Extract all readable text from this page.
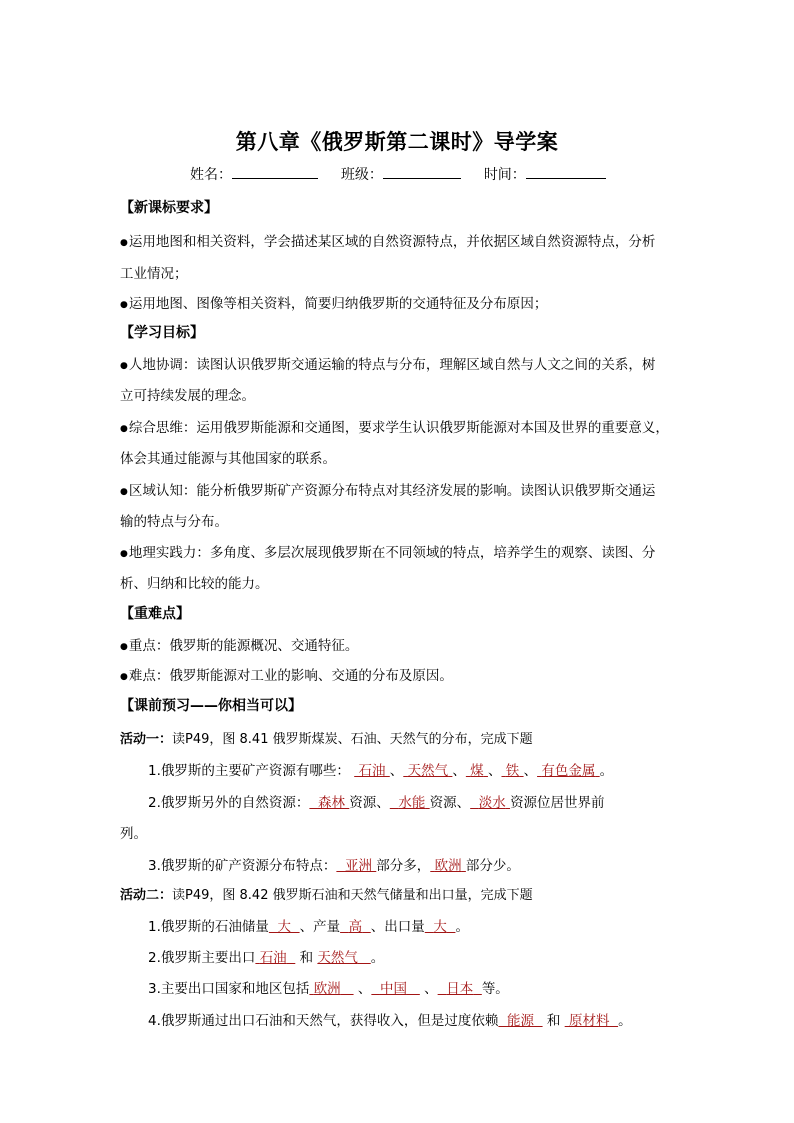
第八章《俄罗斯第二课时》导学案
姓名：	班级：	时间：
【新课标要求】
●运用地图和相关资料，学会描述某区域的自然资源特点，并依据区域自然资源特点，分析
工业情况；
●运用地图、图像等相关资料，简要归纳俄罗斯的交通特征及分布原因；
【学习目标】
●人地协调：读图认识俄罗斯交通运输的特点与分布，理解区域自然与人文之间的关系，树
立可持续发展的理念。
●综合思维：运用俄罗斯能源和交通图，要求学生认识俄罗斯能源对本国及世界的重要意义，
体会其通过能源与其他国家的联系。
●区域认知：能分析俄罗斯矿产资源分布特点对其经济发展的影响。读图认识俄罗斯交通运
输的特点与分布。
●地理实践力：多角度、多层次展现俄罗斯在不同领域的特点，培养学生的观察、读图、分
析、归纳和比较的能力。
【重难点】
●重点：俄罗斯的能源概况、交通特征。
●难点：俄罗斯能源对工业的影响、交通的分布及原因。
【课前预习——你相当可以】
活动一：读P49，图 8.41 俄罗斯煤炭、石油、天然气的分布，完成下题
1.俄罗斯的主要矿产资源有哪些： 石油 、 天然气 、 煤 、 铁 、 有色金属 。
2.俄罗斯另外的自然资源： 森林 资源、 水能 资源、 淡水 资源位居世界前
列。
3.俄罗斯的矿产资源分布特点： 亚洲 部分多， 欧洲 部分少。
活动二：读P49，图 8.42 俄罗斯石油和天然气储量和出口量，完成下题
1.俄罗斯的石油储量 大 、产量 高 、出口量 大 。
2.俄罗斯主要出口 石油 和 天然气 。
3.主要出口国家和地区包括 欧洲    、 中国    、 日本 等。
4.俄罗斯通过出口石油和天然气，获得收入，但是过度依赖 能源 和 原材料 。
